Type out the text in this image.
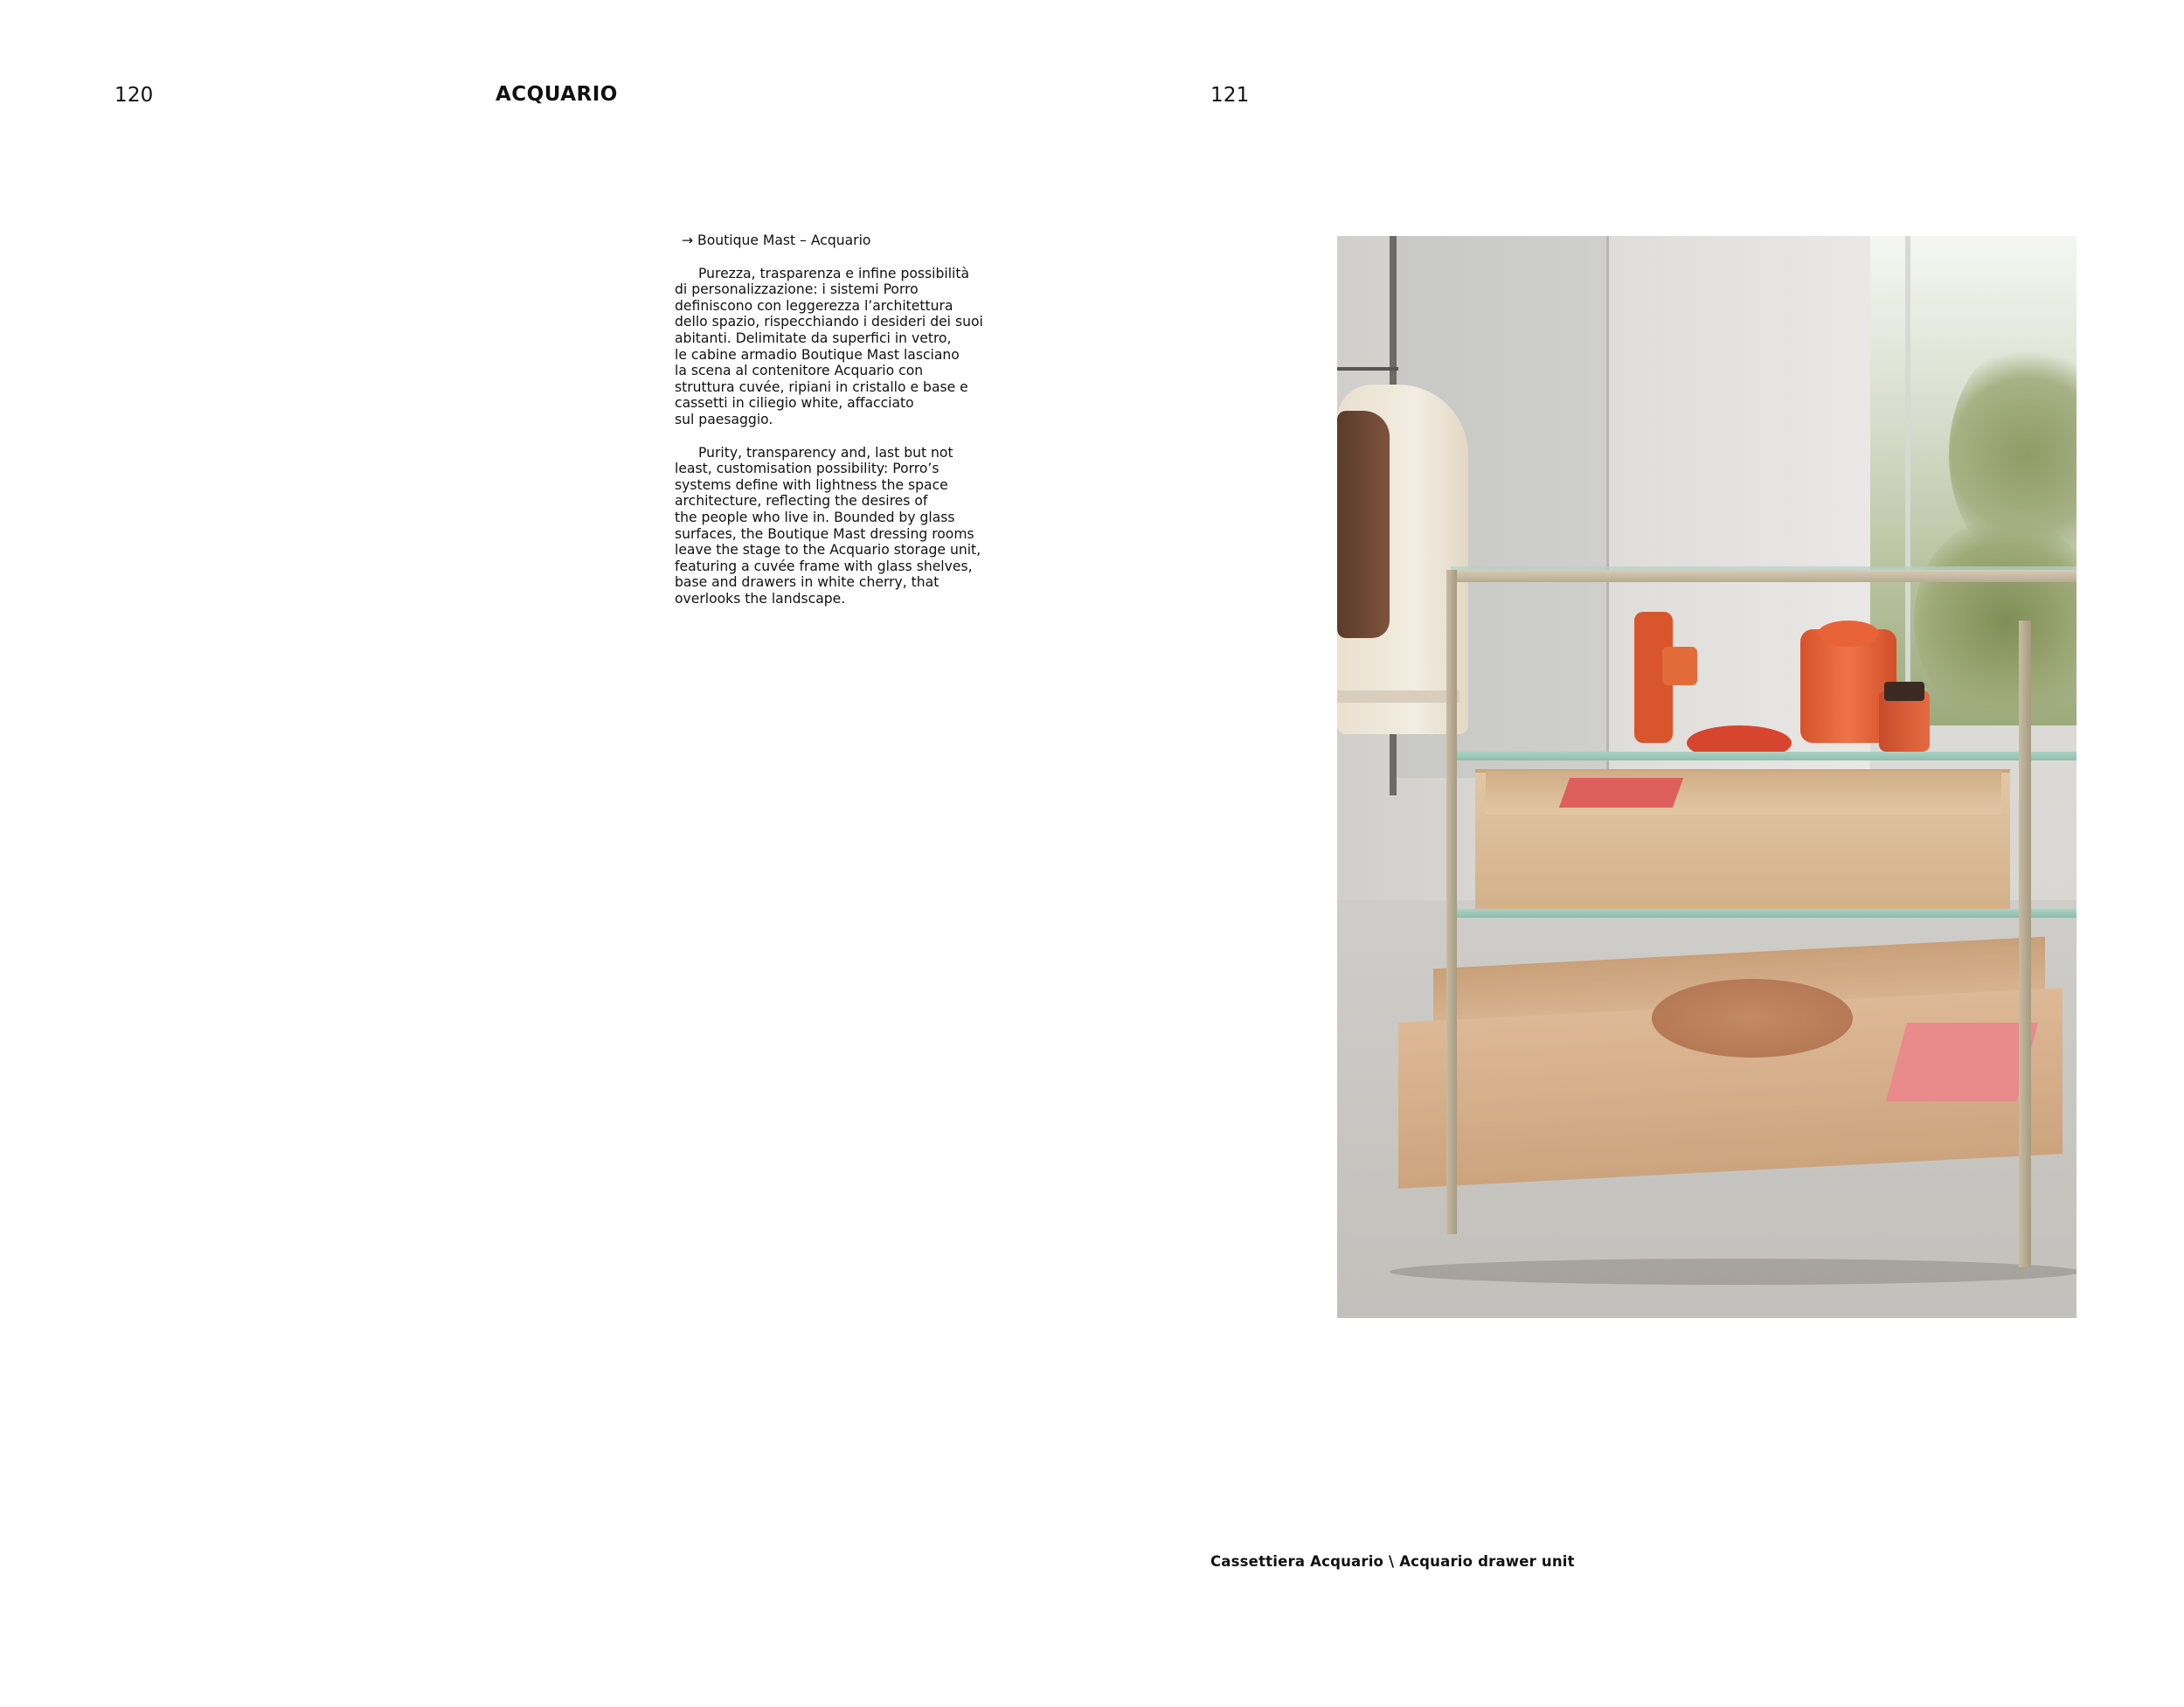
120	ACQUARIO	121
→ Boutique Mast – Acquario
Purezza, trasparenza e infine possibilità
di personalizzazione: i sistemi Porro
definiscono con leggerezza l’architettura
dello spazio, rispecchiando i desideri dei suoi
abitanti. Delimitate da superfici in vetro,
le cabine armadio Boutique Mast lasciano
la scena al contenitore Acquario con
struttura cuvée, ripiani in cristallo e base e
cassetti in ciliegio white, affacciato
sul paesaggio.
Purity, transparency and, last but not
least, customisation possibility: Porro’s
systems define with lightness the space
architecture, reflecting the desires of
the people who live in. Bounded by glass
surfaces, the Boutique Mast dressing rooms
leave the stage to the Acquario storage unit,
featuring a cuvée frame with glass shelves,
base and drawers in white cherry, that
overlooks the landscape.
Cassettiera Acquario \ Acquario drawer unit
